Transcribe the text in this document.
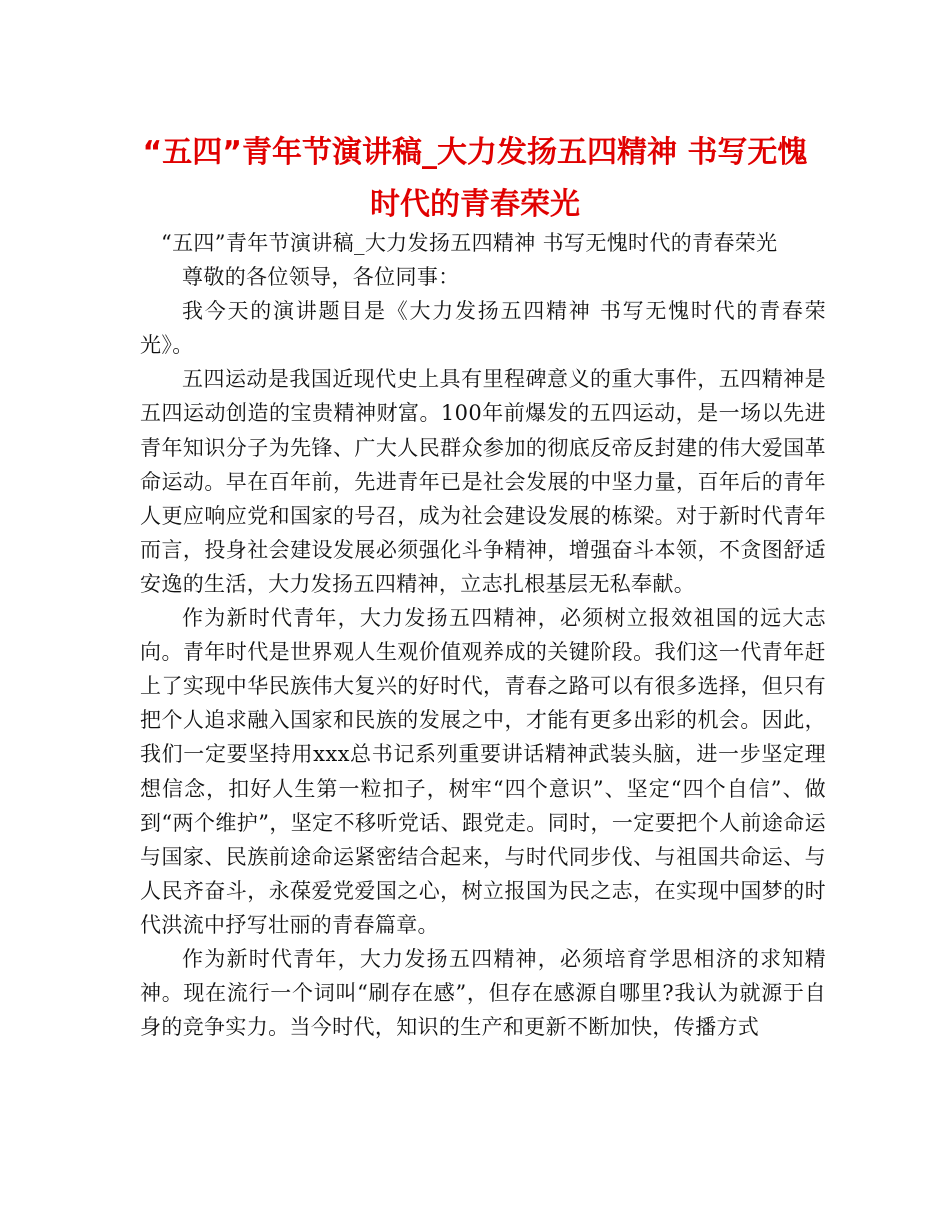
“五四”青年节演讲稿_大力发扬五四精神 书写无愧时代的青春荣光

“五四”青年节演讲稿_大力发扬五四精神 书写无愧时代的青春荣光

尊敬的各位领导，各位同事：

我今天的演讲题目是《大力发扬五四精神 书写无愧时代的青春荣光》。

五四运动是我国近现代史上具有里程碑意义的重大事件，五四精神是五四运动创造的宝贵精神财富。100年前爆发的五四运动，是一场以先进青年知识分子为先锋、广大人民群众参加的彻底反帝反封建的伟大爱国革命运动。早在百年前，先进青年已是社会发展的中坚力量，百年后的青年人更应响应党和国家的号召，成为社会建设发展的栋梁。对于新时代青年而言，投身社会建设发展必须强化斗争精神，增强奋斗本领，不贪图舒适安逸的生活，大力发扬五四精神，立志扎根基层无私奉献。

作为新时代青年，大力发扬五四精神，必须树立报效祖国的远大志向。青年时代是世界观人生观价值观养成的关键阶段。我们这一代青年赶上了实现中华民族伟大复兴的好时代，青春之路可以有很多选择，但只有把个人追求融入国家和民族的发展之中，才能有更多出彩的机会。因此，我们一定要坚持用xxx总书记系列重要讲话精神武装头脑，进一步坚定理想信念，扣好人生第一粒扣子，树牢“四个意识”、坚定“四个自信”、做到“两个维护”，坚定不移听党话、跟党走。同时，一定要把个人前途命运与国家、民族前途命运紧密结合起来，与时代同步伐、与祖国共命运、与人民齐奋斗，永葆爱党爱国之心，树立报国为民之志，在实现中国梦的时代洪流中抒写壮丽的青春篇章。

作为新时代青年，大力发扬五四精神，必须培育学思相济的求知精神。现在流行一个词叫“刷存在感”，但存在感源自哪里?我认为就源于自身的竞争实力。当今时代，知识的生产和更新不断加快，传播方式
